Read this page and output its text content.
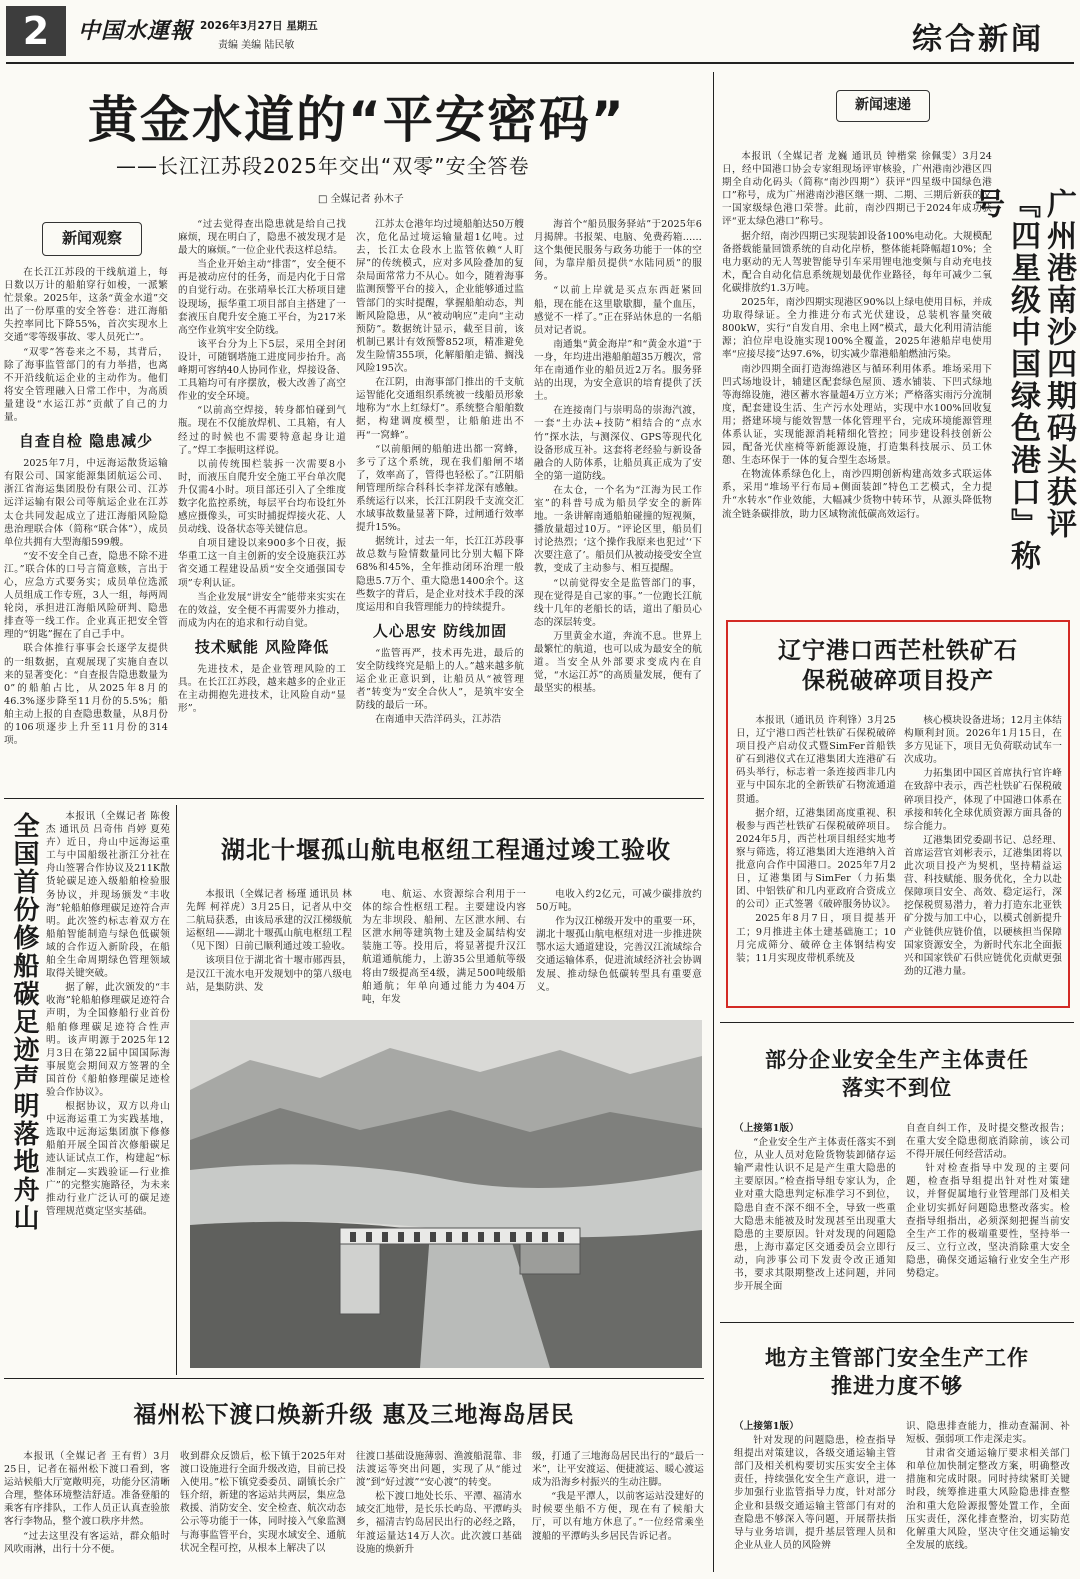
2	中国水運報 2026年3月27日 星期五
责编 美编 陆民敏	综合新闻
黄金水道的“平安密码”
——长江江苏段2025年交出“双零”安全答卷
□ 全媒记者 孙木子
新闻观察

在长江江苏段的干线航道上，每日数以万计的船舶穿行如梭，一派繁忙景象。2025年，这条“黄金水道”交出了一份厚重的安全答卷：进江海船失控率同比下降55%，首次实现水上交通“零等级事故、零人员死亡”。

“双零”答卷来之不易，其背后，除了海事监管部门的有力举措，也离不开沿线航运企业的主动作为。他们将安全管理融入日常工作中，为高质量建设“水运江苏”贡献了自己的力量。

自查自检 隐患减少

2025年7月，中远海运散货运输有限公司、国家能源集团航运公司、浙江省海运集团股份有限公司、江苏远洋运输有限公司等航运企业在江苏太仓共同发起成立了进江海船风险隐患治理联合体（简称“联合体”），成员单位共拥有大型海船599艘。

“安不安全自己查，隐患不除不进江。”联合体的口号言简意赅，言出于心，应急方式要务实；成员单位选派人员组成工作专班，3人一组，每两周轮岗，承担进江海船风险研判、隐患排查等一线工作。企业真正把安全管理的“钥匙”握在了自己手中。

联合体推行事事会长逐学友提供的一组数据，直观展现了实施自查以来的显著变化：“自查报告隐患数量为0”的船舶占比，从2025年8月的46.3%逐步降至11月份的5.5%；船舶主动上报的自查隐患数量，从8月份的106项逐步上升至11月份的314项。

“过去觉得查出隐患就是给自己找麻烦，现在明白了，隐患不被发现才是最大的麻烦。”一位企业代表这样总结。

当企业开始主动“排雷”，安全便不再是被动应付的任务，而是内化于日常的自觉行动。在张靖皋长江大桥项目建设现场，振华重工项目部自主搭建了一套液压自爬升安全施工平台，为217米高空作业筑牢安全防线。

该平台分为上下5层，采用全封闭设计，可随钢塔施工进度同步抬升。高峰期可容纳40人协同作业，焊接设备、工具箱均可有序摆放，极大改善了高空作业的安全环境。

“以前高空焊接，转身都怕碰到气瓶。现在不仅能放焊机、工具箱，有人经过的时候也不需要特意起身让道了。”焊工李振明这样说。

以前传统围栏装拆一次需要8小时，而液压自爬升安全施工平台单次爬升仅需4小时。项目部还引入了全维度数字化监控系统，每层平台均布设红外感应摄像头，可实时捕捉焊接火花、人员动线、设备状态等关键信息。

自项目建设以来900多个日夜，振华重工这一自主创新的安全设施获江苏省交通工程建设品质“安全交通强国专项”专利认证。

当企业发展“讲安全”能带来实实在在的效益，安全便不再需要外力推动，而成为内在的追求和行动自觉。

技术赋能 风险降低

先进技术，是企业管理风险的工具。在长江江苏段，越来越多的企业正在主动拥抱先进技术，让风险自动“显形”。

江苏太仓港年均过境船舶达50万艘次，危化品过境运输量超1亿吨。过去，长江太仓段水上监管依赖“人盯屏”的传统模式，应对多风险叠加的复杂局面常常力不从心。如今，随着海事监测预警平台的接入，企业能够通过监管部门的实时提醒，掌握船舶动态，判断风险隐患，从“被动响应”走向“主动预防”。数据统计显示，截至目前，该机制已累计有效预警852项，精准避免发生险情355项，化解船舶走锚、搁浅风险195次。

在江阴，由海事部门推出的千支航运智能化交通组织系统被一线船员形象地称为“水上红绿灯”。系统整合船舶数据，构建调度模型，让船舶进出不再“一窝蜂”。

“以前船闸的船舶进出都一窝蜂，多亏了这个系统，现在我们船闸不堵了，效率高了，管得也轻松了。”江阴船闸管理所综合科科长李祥龙深有感触。系统运行以来，长江江阴段千支流交汇水域事故数量显著下降，过闸通行效率提升15%。

据统计，过去一年，长江江苏段事故总数与险情数量同比分别大幅下降68%和45%，全年推动闭环治理一般隐患5.7万个、重大隐患1400余个。这些数字的背后，是企业对技术手段的深度运用和自我管理能力的持续提升。

人心思安 防线加固

“监管再严，技术再先进，最后的安全防线终究是船上的人。”越来越多航运企业正意识到，让船员从“被管理者”转变为“安全合伙人”，是筑牢安全防线的最后一环。

在南通申天浩洋码头，江苏浩

海首个“船员服务驿站”于2025年6月揭牌。书报架、电脑、免费药箱……这个集便民服务与政务功能于一体的空间，为靠岸船员提供“水陆同质”的服务。

“以前上岸就是买点东西赶紧回船，现在能在这里歇歇脚，量个血压，感觉不一样了。”正在驿站休息的一名船员对记者说。

南通集“黄金海岸”和“黄金水道”于一身，年均进出港船舶超35万艘次，常年在南通作业的船员近2万名。服务驿站的出现，为安全意识的培育提供了沃土。

在连接南门与崇明岛的崇海汽渡，一套“土办法+技防”相结合的“点水竹”探水法，与测深仪、GPS等现代化设备形成互补。这套将老经验与新设备融合的人防体系，让船员真正成为了安全的第一道防线。

在太仓，一个名为“江海为民工作室”的科普号成为船员学安全的新阵地。一条讲解南通船舶碰撞的短视频，播放量超过10万。“评论区里，船员们讨论热烈；‘这个操作我原来也犯过’‘下次要注意了’。船员们从被动接受安全宣教，变成了主动参与、相互提醒。

“以前觉得安全是监管部门的事，现在觉得是自己家的事。”一位跑长江航线十几年的老船长的话，道出了船员心态的深层转变。

万里黄金水道，奔流不息。世界上最繁忙的航道，也可以成为最安全的航道。当安全从外部要求变成内在自觉，“水运江苏”的高质量发展，便有了最坚实的根基。

新闻速递

本报讯（全媒记者 龙巍 通讯员 钟楷棠 徐佩雯）3月24日，经中国港口协会专家组现场评审核验，广州港南沙港区四期全自动化码头（简称“南沙四期”）获评“四星级中国绿色港口”称号，成为广州港南沙港区继一期、二期、三期后新获的又一国家级绿色港口荣誉。此前，南沙四期已于2024年成功获评“亚太绿色港口”称号。

据介绍，南沙四期已实现装卸设备100%电动化。大规模配备搭载能量回馈系统的自动化岸桥，整体能耗降幅超10%；全电力驱动的无人驾驶智能导引车采用锂电池变频与自动充电技术，配合自动化信息系统规划最优作业路径，每年可减少二氧化碳排放约1.3万吨。

2025年，南沙四期实现港区90%以上绿电使用目标，并成功取得绿证。全力推进分布式光伏建设，总装机容量突破800kW，实行“自发自用、余电上网”模式，最大化利用清洁能源；泊位岸电设施实现100%全覆盖，2025年港船岸电使用率“应接尽接”达97.6%，切实减少靠港船舶燃油污染。

南沙四期全面打造海绵港区与循环利用体系。堆场采用下凹式场地设计，辅建区配套绿色屋顶、透水铺装、下凹式绿地等海绵设施，港区蓄水容量超4万立方米；严格落实雨污分流制度，配套建设生活、生产污水处理站，实现中水100%回收复用；搭建环境与能效智慧一体化管理平台，完成环境能源管理体系认证，实现能源消耗精细化管控；同步建设科技创新公园，配备光伏座椅等新能源设施，打造集科技展示、员工休憩、生态环保于一体的复合型生态场景。

在物流体系绿色化上，南沙四期创新构建高效多式联运体系，采用“堆场平行布局+侧面装卸”特色工艺模式，全力提升“水转水”作业效能，大幅减少货物中转环节，从源头降低物流全链条碳排放，助力区域物流低碳高效运行。	广州港南沙四期码头获评『四星级中国绿色港口』称号
辽宁港口西芒杜铁矿石
保税破碎项目投产

本报讯（通讯员 许利锋）3月25日，辽宁港口西芒杜铁矿石保税破碎项目投产启动仪式暨SimFer首船铁矿石到港仪式在辽港集团大连港矿石码头举行，标志着一条连接西非几内亚与中国东北的全新铁矿石物流通道贯通。

据介绍，辽港集团高度重视、积极参与西芒杜铁矿石保税破碎项目。2024年5月，西芒杜项目组经实地考察与筛选，将辽港集团大连港纳入首批意向合作中国港口。2025年7月2日，辽港集团与SimFer（力拓集团、中铝铁矿和几内亚政府合资成立的公司）正式签署《破碎服务协议》。

2025年8月7日，项目提基开工；9月推进主体土建基础施工；10月完成筛分、破碎仓主体钢结构安装；11月实现皮带机系统及

核心模块设备进场；12月主体结构顺利封顶。2026年1月15日，在多方见证下，项目无负荷联动试车一次成功。

力拓集团中国区首席执行官许峰在致辞中表示，西芒杜铁矿石保税破碎项目投产，体现了中国港口体系在承接和转化全球优质资源方面具备的综合能力。

辽港集团党委副书记、总经理、首席运营官刘彬表示，辽港集团将以此次项目投产为契机，坚持精益运营、科技赋能、服务优化，全力以赴保障项目安全、高效、稳定运行，深挖保税贸易潜力，着力打造东北亚铁矿分拨与加工中心，以模式创新提升产业链供应链价值，以硬核担当保障国家资源安全，为新时代东北全面振兴和国家铁矿石供应链优化贡献更强劲的辽港力量。

全国首份修船碳足迹声明落地舟山	本报讯（全媒记者 陈俊杰 通讯员 吕奇伟 肖婷 夏苑卉）近日，舟山中远海运重工与中国船级社浙江分社在舟山签署合作协议及211K散货轮碳足迹入级船舶检验服务协议，并现场颁发“丰收海”轮船舶修理碳足迹符合声明。此次签约标志着双方在船舶智能制造与绿色低碳领域的合作迈入新阶段，在船舶全生命周期绿色管理领域取得关键突破。

据了解，此次颁发的“丰收海”轮船舶修理碳足迹符合声明，为全国修船行业首份船舶修理碳足迹符合性声明。该声明源于2025年12月3日在第22届中国国际海事展览会期间双方签署的全国首份《船舶修理碳足迹检验合作协议》。

根据协议，双方以舟山中远海运重工为实践基地，选取中远海运集团旗下修修船舶开展全国首次修船碳足迹认证试点工作，构建起“标准制定—实践验证—行业推广”的完整实施路径，为未来推动行业广泛认可的碳足迹管理规范奠定坚实基础。

湖北十堰孤山航电枢纽工程通过竣工验收

本报讯（全媒记者 杨瑾 通讯员 林先辉 柯祥虎）3月25日，记者从中交二航局获悉，由该局承建的汉江梯级航运枢纽——湖北十堰孤山航电枢纽工程（见下图）日前已顺利通过竣工验收。

该项目位于湖北省十堰市郧西县，是汉江干流水电开发规划中的第八级电站，是集防洪、发

电、航运、水资源综合利用于一体的综合性枢纽工程。主要建设内容为左非坝段、船闸、左区泄水闸、右区泄水闸等建筑物土建及金属结构安装施工等。投用后，将显著提升汉江航道通航能力，上游35公里通航等级将由7级提高至4级，满足500吨级船舶通航；年单向通过能力为404万吨，年发

电收入约2亿元，可减少碳排放约50万吨。

作为汉江梯级开发中的重要一环，湖北十堰孤山航电枢纽对进一步推进陕鄂水运大通道建设，完善汉江流域综合交通运输体系，促进流域经济社会协调发展、推动绿色低碳转型具有重要意义。

福州松下渡口焕新升级 惠及三地海岛居民

本报讯（全媒记者 王有哲）3月25日，记者在福州松下渡口看到，客运站候船大厅宽敞明亮，功能分区清晰合理，整体环境整洁舒适。准备登船的乘客有序排队，工作人员正认真查验旅客行李物品，整个渡口秩序井然。

“过去这里没有客运站，群众船时风吹雨淋，出行十分不便。

收到群众反馈后，松下镇于2025年对渡口设施进行全面升级改造，目前已投入使用。”松下镇党委委员、副镇长余广钰介绍，新建的客运站共两层，集应急救援、消防安全、安全检查、航次动态公示等功能于一体，同时接入气象监测与海事监管平台，实现水域安全、通航状况全程可控，从根本上解决了以

往渡口基础设施薄弱、渔渡船混靠、非法渡运等突出问题，实现了从“能过渡”到“好过渡”“安心渡”的转变。

松下渡口地处长乐、平潭、福清水域交汇地带，是长乐长屿岛、平潭屿头乡，福清吉钓岛居民出行的必经之路，年渡运量达14万人次。此次渡口基础设施的焕新升

级，打通了三地海岛居民出行的“最后一米”，让平安渡运、便捷渡运、暖心渡运成为沿海乡村振兴的生动注脚。

“我是平潭人，以前客运站没建好的时候要坐船不方便，现在有了候船大厅，可以有地方休息了。”一位经常乘坐渡船的平潭屿头乡居民告诉记者。

部分企业安全生产主体责任
落实不到位

（上接第1版）

“企业安全生产主体责任落实不到位，从业人员对危险货物装卸储存运输严肃性认识不足是产生重大隐患的主要原因。”检查指导组专家认为，企业对重大隐患判定标准学习不到位，隐患自查不深不细不全，导致一些重大隐患未能被及时发现甚至出现重大隐患的主要原因。针对发现的问题隐患，上海市嘉定区交通委员会立即行动，向涉事公司下发责令改正通知书，要求其限期整改上述问题，并同步开展全面

自查自纠工作，及时提交整改报告；在重大安全隐患彻底消除前，该公司不得开展任何经营活动。

针对检查指导中发现的主要问题，检查指导组提出针对性对策建议，并督促属地行业管理部门及相关企业切实抓好问题隐患整改落实。检查指导组指出，必须深刻把握当前安全生产工作的极端重要性，坚持举一反三、立行立改，坚决消除重大安全隐患，确保交通运输行业安全生产形势稳定。

地方主管部门安全生产工作
推进力度不够

（上接第1版）

针对发现的问题隐患，检查指导组提出对策建议，各级交通运输主管部门及相关机构要切实压实安全主体责任，持续强化安全生产意识，进一步加强行业监管指导力度，针对部分企业和县级交通运输主管部门有对的查隐患不够深入等问题，开展帮扶指导与业务培训，提升基层管理人员和企业从业人员的风险辨

识、隐患排查能力，推动查漏洞、补短板、强弱项工作走深走实。

甘肃省交通运输厅要求相关部门和单位加快制定整改方案，明确整改措施和完成时限。同时持续紧盯关键时段，统筹推进重大风险隐患排查整治和重大危险源报警处置工作，全面压实责任，深化排查整治，切实防范化解重大风险，坚决守住交通运输安全发展的底线。
